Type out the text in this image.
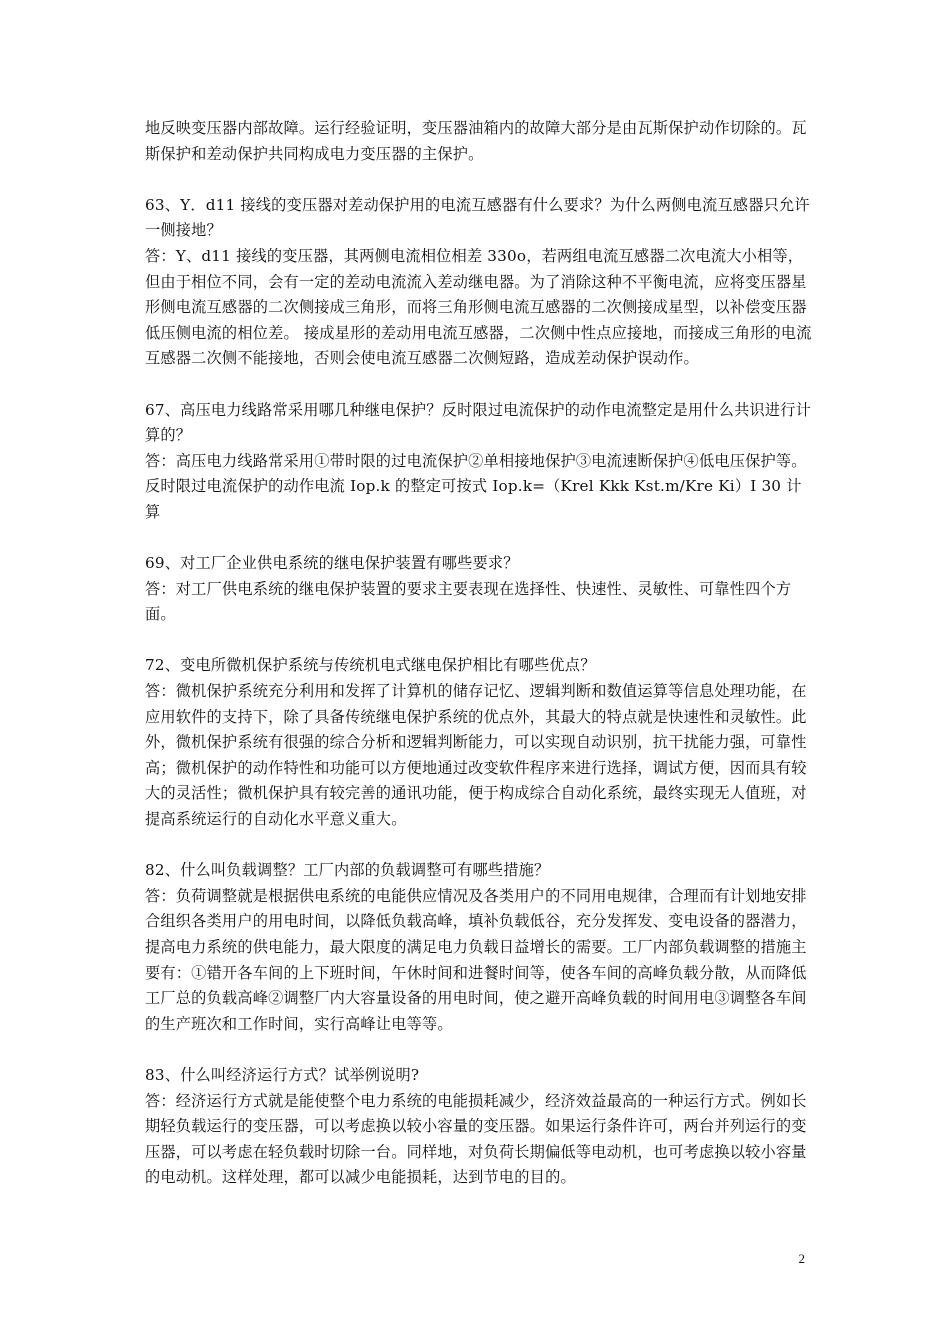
地反映变压器内部故障。运行经验证明，变压器油箱内的故障大部分是由瓦斯保护动作切除的。瓦斯保护和差动保护共同构成电力变压器的主保护。

63、Y．d11 接线的变压器对差动保护用的电流互感器有什么要求？为什么两侧电流互感器只允许一侧接地？

答：Y、d11 接线的变压器，其两侧电流相位相差 330o，若两组电流互感器二次电流大小相等，但由于相位不同，会有一定的差动电流流入差动继电器。为了消除这种不平衡电流，应将变压器星形侧电流互感器的二次侧接成三角形，而将三角形侧电流互感器的二次侧接成星型，以补偿变压器低压侧电流的相位差。 接成星形的差动用电流互感器，二次侧中性点应接地，而接成三角形的电流互感器二次侧不能接地，否则会使电流互感器二次侧短路，造成差动保护误动作。

67、高压电力线路常采用哪几种继电保护？反时限过电流保护的动作电流整定是用什么共识进行计算的？

答：高压电力线路常采用①带时限的过电流保护②单相接地保护③电流速断保护④低电压保护等。反时限过电流保护的动作电流 Iop.k 的整定可按式 Iop.k=（Krel Kkk Kst.m/Kre Ki）I 30 计算

69、对工厂企业供电系统的继电保护装置有哪些要求？

答：对工厂供电系统的继电保护装置的要求主要表现在选择性、快速性、灵敏性、可靠性四个方面。

72、变电所微机保护系统与传统机电式继电保护相比有哪些优点？

答：微机保护系统充分利用和发挥了计算机的储存记忆、逻辑判断和数值运算等信息处理功能，在应用软件的支持下，除了具备传统继电保护系统的优点外，其最大的特点就是快速性和灵敏性。此外，微机保护系统有很强的综合分析和逻辑判断能力，可以实现自动识别，抗干扰能力强，可靠性高；微机保护的动作特性和功能可以方便地通过改变软件程序来进行选择，调试方便，因而具有较大的灵活性；微机保护具有较完善的通讯功能，便于构成综合自动化系统，最终实现无人值班，对提高系统运行的自动化水平意义重大。

82、什么叫负载调整？工厂内部的负载调整可有哪些措施？

答：负荷调整就是根据供电系统的电能供应情况及各类用户的不同用电规律，合理而有计划地安排合组织各类用户的用电时间，以降低负载高峰，填补负载低谷，充分发挥发、变电设备的器潜力，提高电力系统的供电能力，最大限度的满足电力负载日益增长的需要。工厂内部负载调整的措施主要有：①错开各车间的上下班时间，午休时间和进餐时间等，使各车间的高峰负载分散，从而降低工厂总的负载高峰②调整厂内大容量设备的用电时间，使之避开高峰负载的时间用电③调整各车间的生产班次和工作时间，实行高峰让电等等。

83、什么叫经济运行方式？试举例说明?

答：经济运行方式就是能使整个电力系统的电能损耗减少，经济效益最高的一种运行方式。例如长期轻负载运行的变压器，可以考虑换以较小容量的变压器。如果运行条件许可，两台并列运行的变压器，可以考虑在轻负载时切除一台。同样地，对负荷长期偏低等电动机，也可考虑换以较小容量的电动机。这样处理，都可以减少电能损耗，达到节电的目的。

2
